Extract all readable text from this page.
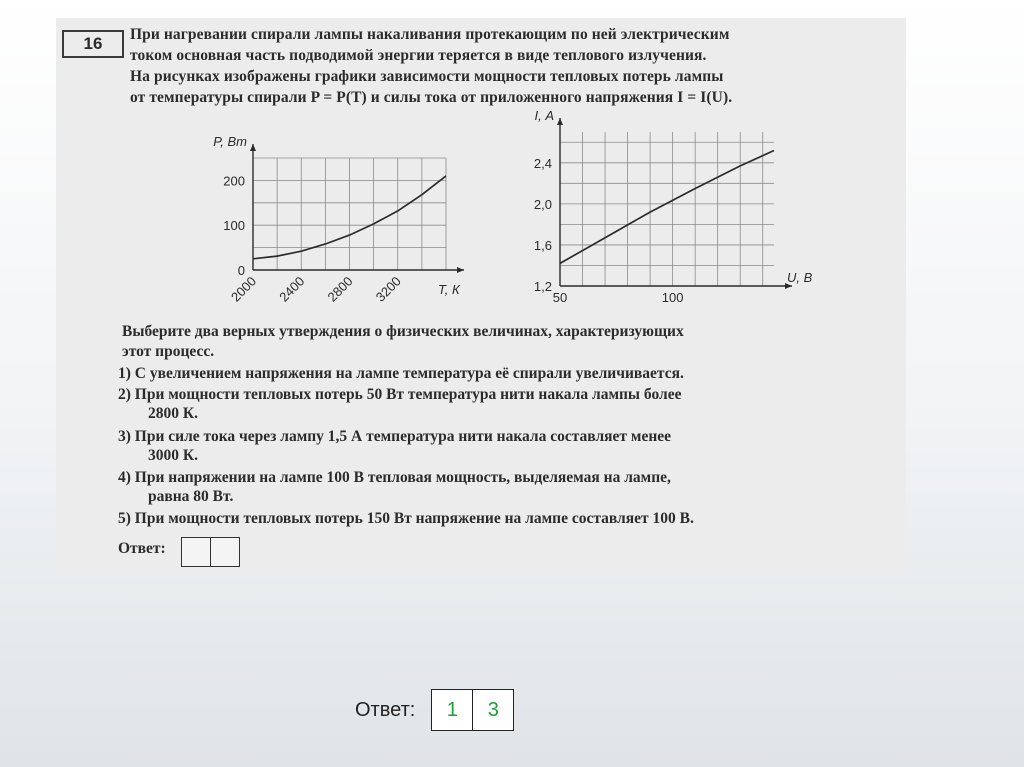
16	При нагревании спирали лампы накаливания протекающим по ней электрическим
током основная часть подводимой энергии теряется в виде теплового излучения.
На рисунках изображены графики зависимости мощности тепловых потерь лампы
от температуры спирали P = P(T) и силы тока от приложенного напряжения I = I(U).
0
100
200
2000 2400 2800 3200
P, Вт
T, К	1,2
1,6
2,0
2,4
50	100
I, А
U, В
Выберите два верных утверждения о физических величинах, характеризующих
этот процесс.
1) С увеличением напряжения на лампе температура её спирали увеличивается.
2) При мощности тепловых потерь 50 Вт температура нити накала лампы более
2800 К.
3) При силе тока через лампу 1,5 А температура нити накала составляет менее
3000 К.
4) При напряжении на лампе 100 В тепловая мощность, выделяемая на лампе,
равна 80 Вт.
5) При мощности тепловых потерь 150 Вт напряжение на лампе составляет 100 В.
Ответ:
Ответ:	1	3
